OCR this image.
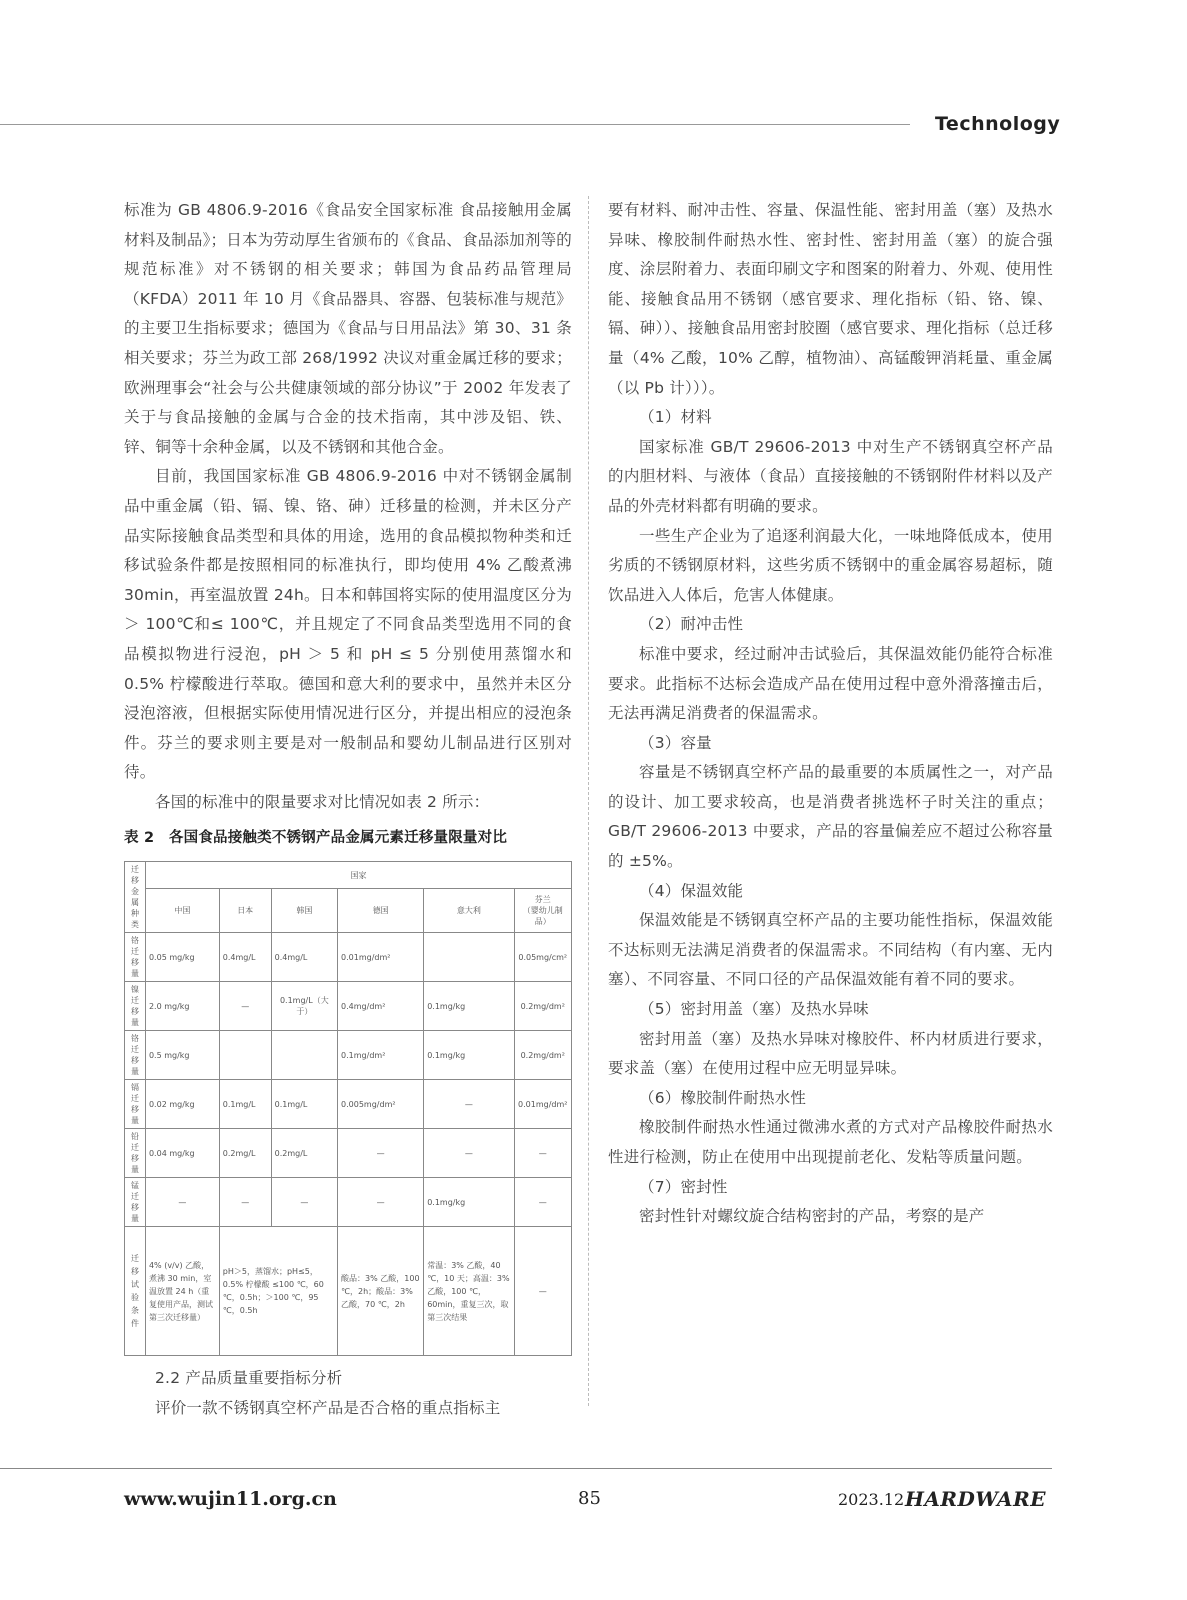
Technology

标准为 GB 4806.9-2016《食品安全国家标准 食品接触用金属材料及制品》；日本为劳动厚生省颁布的《食品、食品添加剂等的规范标准》对不锈钢的相关要求；韩国为食品药品管理局（KFDA）2011 年 10 月《食品器具、容器、包装标准与规范》的主要卫生指标要求；德国为《食品与日用品法》第 30、31 条相关要求；芬兰为政工部 268/1992 决议对重金属迁移的要求；欧洲理事会“社会与公共健康领域的部分协议”于 2002 年发表了关于与食品接触的金属与合金的技术指南，其中涉及铝、铁、锌、铜等十余种金属，以及不锈钢和其他合金。

目前，我国国家标准 GB 4806.9-2016 中对不锈钢金属制品中重金属（铅、镉、镍、铬、砷）迁移量的检测，并未区分产品实际接触食品类型和具体的用途，选用的食品模拟物种类和迁移试验条件都是按照相同的标准执行，即均使用 4% 乙酸煮沸 30min，再室温放置 24h。日本和韩国将实际的使用温度区分为＞ 100℃和≤ 100℃，并且规定了不同食品类型选用不同的食品模拟物进行浸泡，pH ＞ 5 和 pH ≤ 5 分别使用蒸馏水和 0.5% 柠檬酸进行萃取。德国和意大利的要求中，虽然并未区分浸泡溶液，但根据实际使用情况进行区分，并提出相应的浸泡条件。芬兰的要求则主要是对一般制品和婴幼儿制品进行区别对待。

各国的标准中的限量要求对比情况如表 2 所示：

表 2　各国食品接触类不锈钢产品金属元素迁移量限量对比

迁移金属种类	国家					
	中国	日本	韩国	德国	意大利	芬兰
（婴幼儿制品）
铬迁移量	0.05 mg/kg	0.4mg/L	0.4mg/L	0.01mg/dm²		0.05mg/cm²
镍迁移量	2.0 mg/kg	—	0.1mg/L（大于）	0.4mg/dm²	0.1mg/kg	0.2mg/dm²
铬迁移量	0.5 mg/kg			0.1mg/dm²	0.1mg/kg	0.2mg/dm²
镉迁移量	0.02 mg/kg	0.1mg/L	0.1mg/L	0.005mg/dm²	—	0.01mg/dm²
铅迁移量	0.04 mg/kg	0.2mg/L	0.2mg/L	—	—	—
锰迁移量	—	—	—	—	0.1mg/kg	—
迁移试验条件	4% (v/v) 乙酸，煮沸 30 min，室温放置 24 h（重复使用产品，测试第三次迁移量）	pH＞5，蒸馏水；pH≤5，0.5% 柠檬酸 ≤100 ℃，60 ℃，0.5h；＞100 ℃，95 ℃，0.5h		酸品：3% 乙酸，100 ℃，2h；酸品：3% 乙酸，70 ℃，2h	常温：3% 乙酸，40 ℃，10 天；高温：3% 乙酸，100 ℃，60min，重复三次，取第三次结果	—

2.2 产品质量重要指标分析

评价一款不锈钢真空杯产品是否合格的重点指标主

要有材料、耐冲击性、容量、保温性能、密封用盖（塞）及热水异味、橡胶制件耐热水性、密封性、密封用盖（塞）的旋合强度、涂层附着力、表面印刷文字和图案的附着力、外观、使用性能、接触食品用不锈钢（感官要求、理化指标（铅、铬、镍、镉、砷））、接触食品用密封胶圈（感官要求、理化指标（总迁移量（4% 乙酸，10% 乙醇，植物油）、高锰酸钾消耗量、重金属（以 Pb 计）））。

（1）材料

国家标准 GB/T 29606-2013 中对生产不锈钢真空杯产品的内胆材料、与液体（食品）直接接触的不锈钢附件材料以及产品的外壳材料都有明确的要求。

一些生产企业为了追逐利润最大化，一味地降低成本，使用劣质的不锈钢原材料，这些劣质不锈钢中的重金属容易超标，随饮品进入人体后，危害人体健康。

（2）耐冲击性

标准中要求，经过耐冲击试验后，其保温效能仍能符合标准要求。此指标不达标会造成产品在使用过程中意外滑落撞击后，无法再满足消费者的保温需求。

（3）容量

容量是不锈钢真空杯产品的最重要的本质属性之一，对产品的设计、加工要求较高，也是消费者挑选杯子时关注的重点；GB/T 29606-2013 中要求，产品的容量偏差应不超过公称容量的 ±5%。

（4）保温效能

保温效能是不锈钢真空杯产品的主要功能性指标，保温效能不达标则无法满足消费者的保温需求。不同结构（有内塞、无内塞）、不同容量、不同口径的产品保温效能有着不同的要求。

（5）密封用盖（塞）及热水异味

密封用盖（塞）及热水异味对橡胶件、杯内材质进行要求，要求盖（塞）在使用过程中应无明显异味。

（6）橡胶制件耐热水性

橡胶制件耐热水性通过微沸水煮的方式对产品橡胶件耐热水性进行检测，防止在使用中出现提前老化、发粘等质量问题。

（7）密封性

密封性针对螺纹旋合结构密封的产品，考察的是产

www.wujin11.org.cn	85	2023.12 HARDWARE
